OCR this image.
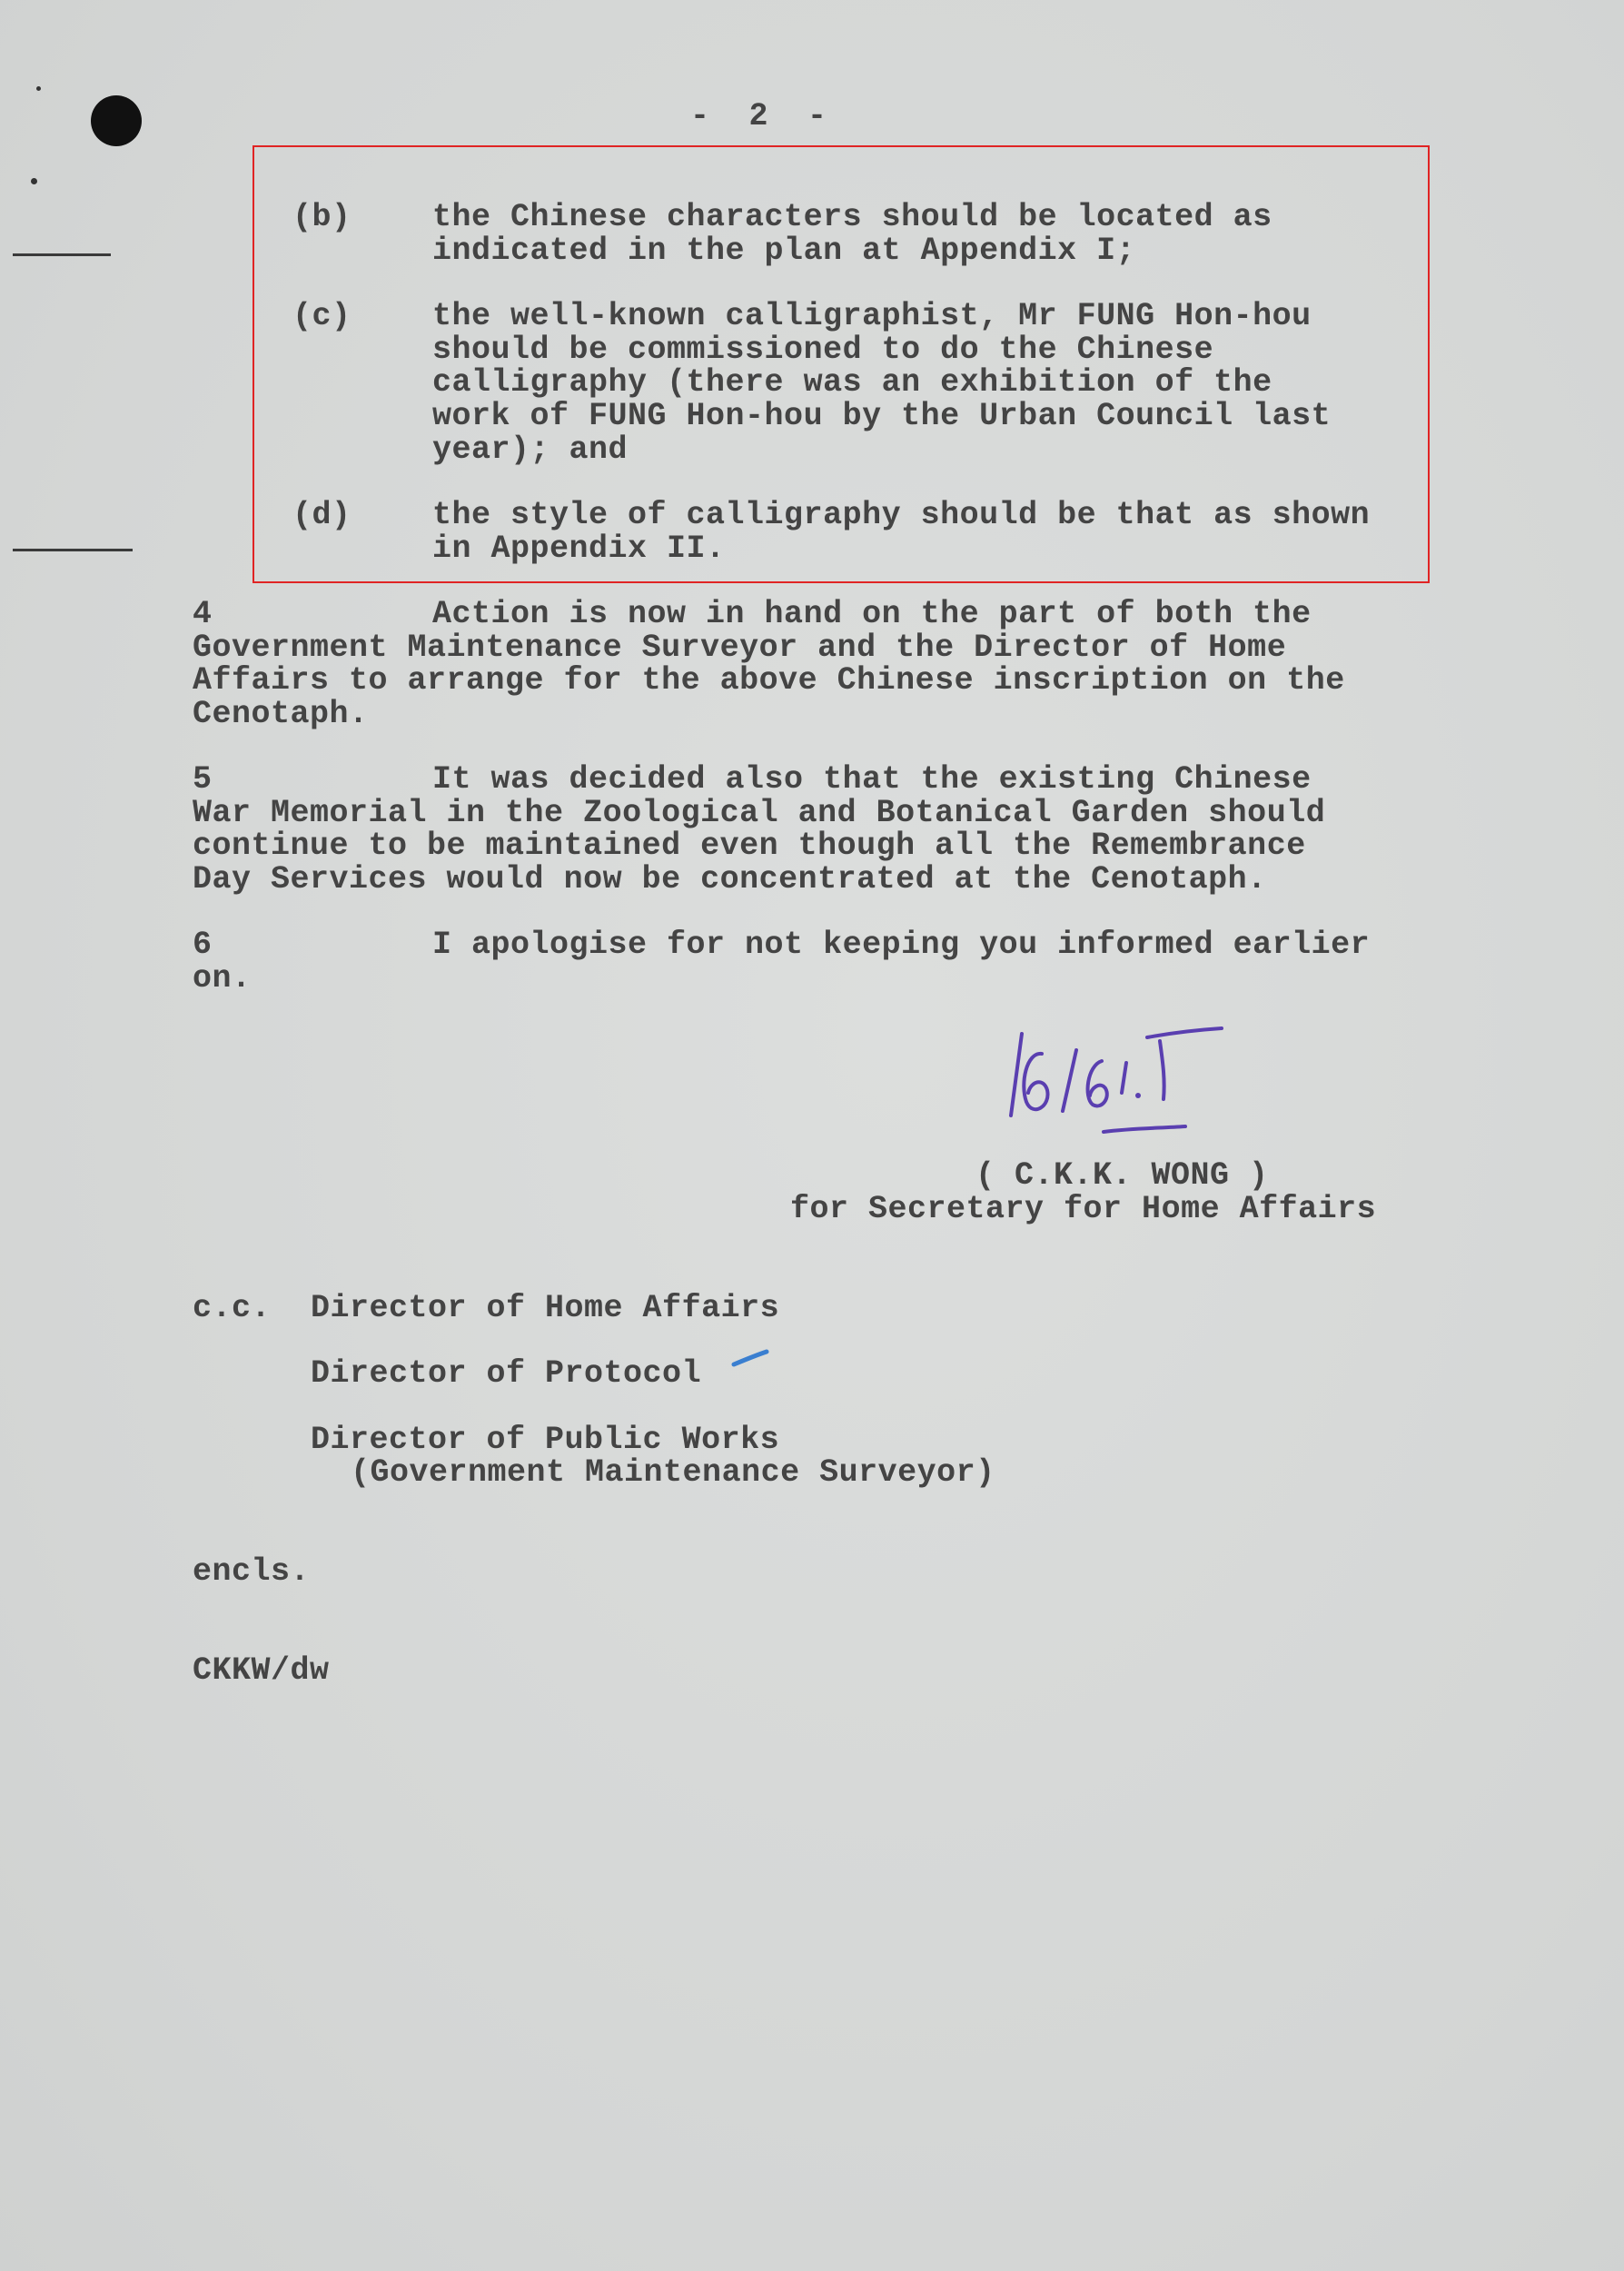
-  2  -
(b)	the Chinese characters should be located as
indicated in the plan at Appendix I;
(c)	the well-known calligraphist, Mr FUNG Hon-hou
should be commissioned to do the Chinese
calligraphy (there was an exhibition of the
work of FUNG Hon-hou by the Urban Council last
year); and
(d)	the style of calligraphy should be that as shown
in Appendix II.
4	Action is now in hand on the part of both the
Government Maintenance Surveyor and the Director of Home
Affairs to arrange for the above Chinese inscription on the
Cenotaph.
5	It was decided also that the existing Chinese
War Memorial in the Zoological and Botanical Garden should
continue to be maintained even though all the Remembrance
Day Services would now be concentrated at the Cenotaph.
6	I apologise for not keeping you informed earlier
on.
( C.K.K. WONG )
for Secretary for Home Affairs
c.c. Director of Home Affairs
Director of Protocol
Director of Public Works
(Government Maintenance Surveyor)
encls.
CKKW/dw
